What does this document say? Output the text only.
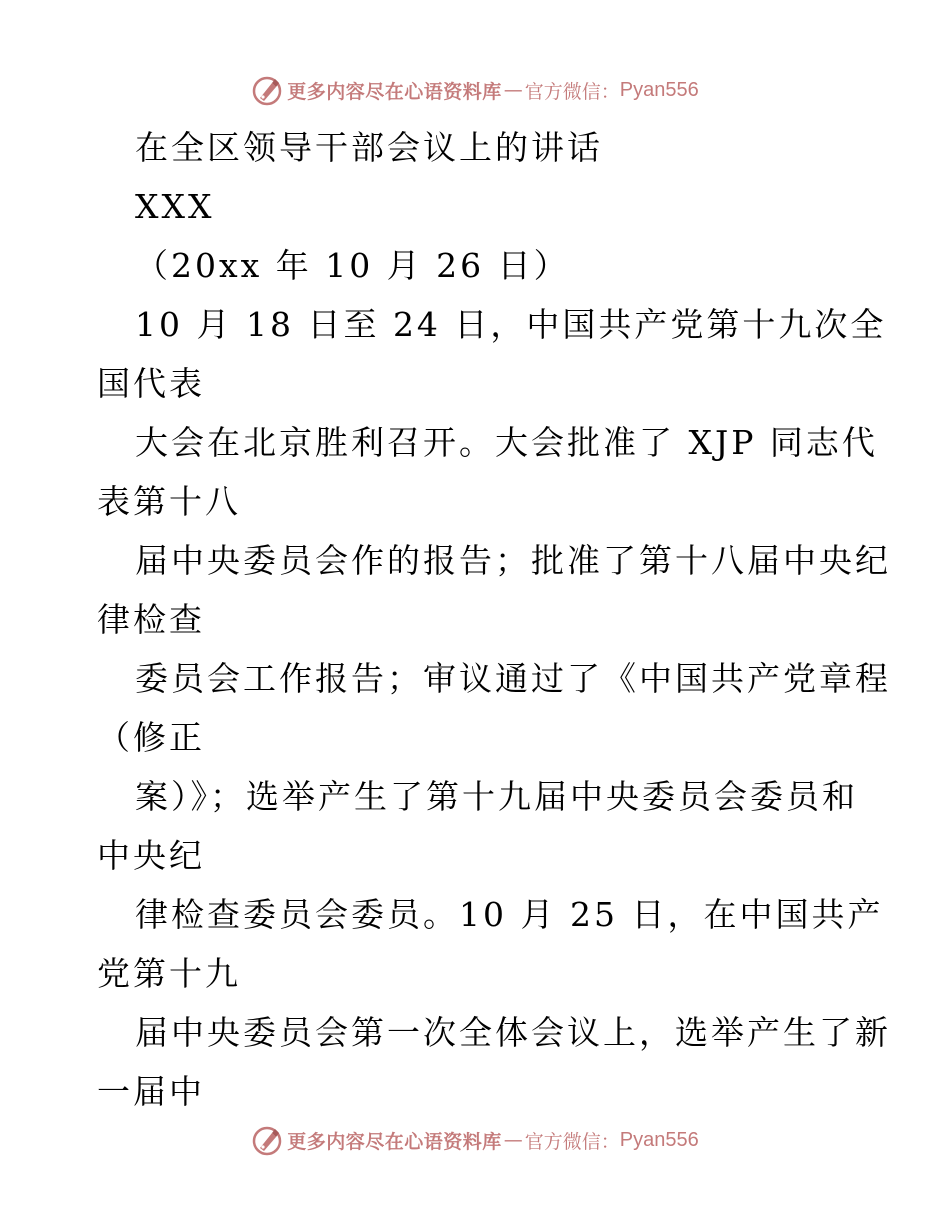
更多内容尽在心语资料库 — 官方微信： Pyan556
在全区领导干部会议上的讲话
XXX
（20xx 年 10 月 26 日）
10 月 18 日至 24 日，中国共产党第十九次全
国代表
大会在北京胜利召开。大会批准了 XJP 同志代
表第十八
届中央委员会作的报告；批准了第十八届中央纪
律检查
委员会工作报告；审议通过了《中国共产党章程
（修正
案）》；选举产生了第十九届中央委员会委员和
中央纪
律检查委员会委员。10 月 25 日，在中国共产
党第十九
届中央委员会第一次全体会议上，选举产生了新
一届中
更多内容尽在心语资料库 — 官方微信： Pyan556
